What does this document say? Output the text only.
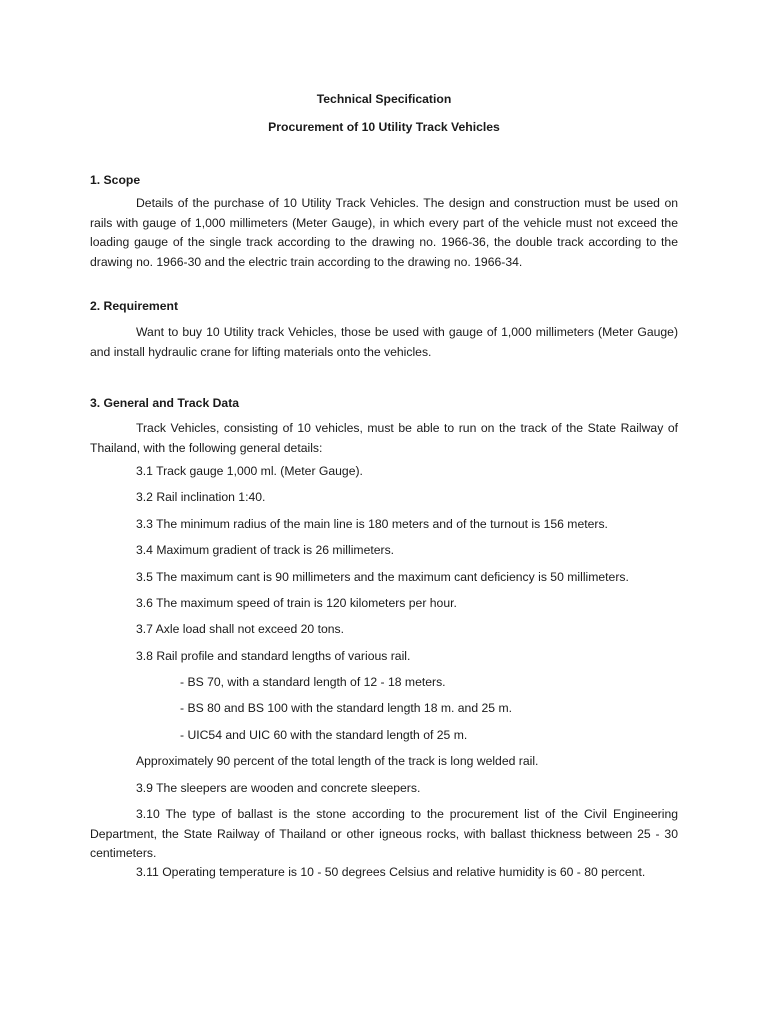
Technical Specification

Procurement of 10 Utility Track Vehicles

1. Scope

Details of the purchase of 10 Utility Track Vehicles. The design and construction must be used on rails with gauge of 1,000 millimeters (Meter Gauge), in which every part of the vehicle must not exceed the loading gauge of the single track according to the drawing no. 1966-36, the double track according to the drawing no. 1966-30 and the electric train according to the drawing no. 1966-34.

2. Requirement

Want to buy 10 Utility track Vehicles, those be used with gauge of 1,000 millimeters (Meter Gauge) and install hydraulic crane for lifting materials onto the vehicles.

3. General and Track Data

Track Vehicles, consisting of 10 vehicles, must be able to run on the track of the State Railway of Thailand, with the following general details:

3.1 Track gauge 1,000 ml. (Meter Gauge).

3.2 Rail inclination 1:40.

3.3 The minimum radius of the main line is 180 meters and of the turnout is 156 meters.

3.4 Maximum gradient of track is 26 millimeters.

3.5 The maximum cant is 90 millimeters and the maximum cant deficiency is 50 millimeters.

3.6 The maximum speed of train is 120 kilometers per hour.

3.7 Axle load shall not exceed 20 tons.

3.8 Rail profile and standard lengths of various rail.

- BS 70, with a standard length of 12 - 18 meters.

- BS 80 and BS 100 with the standard length 18 m. and 25 m.

- UIC54 and UIC 60 with the standard length of 25 m.

Approximately 90 percent of the total length of the track is long welded rail.

3.9 The sleepers are wooden and concrete sleepers.

3.10 The type of ballast is the stone according to the procurement list of the Civil Engineering Department, the State Railway of Thailand or other igneous rocks, with ballast thickness between 25 - 30 centimeters.

3.11 Operating temperature is 10 - 50 degrees Celsius and relative humidity is 60 - 80 percent.
